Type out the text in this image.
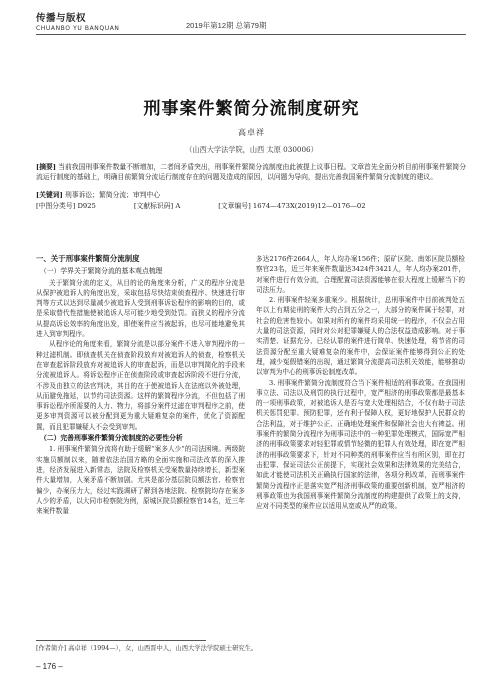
传播与版权
CHUANBO YU BANQUAN	2019年第12期 总第79期
刑事案件繁简分流制度研究
高卓祥
（山西大学法学院，山西 太原 030006）
[摘要] 当前我国刑事案件数量不断增加，二者间矛盾突出，刑事案件繁简分流制度由此被提上议事日程。文章首先全面分析目前刑事案件繁简分流运行制度的基础上，明确目前繁简分流运行制度存在的问题及造成的原因，以问题为导向，提出完善我国案件繁简分流制度的建议。
[关键词] 刑事诉讼；繁简分流；审判中心
[中图分类号] D925	[文献标识码] A	[文章编号] 1674—473X(2019)12—0176—02
一、关于刑事案件繁简分流制度
（一）学界关于繁简分流的基本观点梳理

关于繁简分流的定义，从目的论的角度来分析，广义的程序分流是从保护被追诉人的角度出发，采取包括尽快结束侦查程序、快速进行审判等方式以达到尽量减少被追诉人受到刑事诉讼程序的影响的目的，或是采取替代性措施使被追诉人尽可能少地受到处罚。而狭义的程序分流从提高诉讼效率的角度出发，即使案件应当被起诉，也尽可能地避免其进入到审判程序。

从程序论的角度来看，繁简分流是以部分案件不进入审判程序的一种过滤机制。即侦查机关在侦查阶段放弃对被追诉人的侦查，检察机关在审查起诉阶段放弃对被追诉人的审查起诉，而是以审判简化的手段来分流被追诉人。将诉讼程序正在侦查阶段或审查起诉阶段不进行分流，不涉及由独立的法官判决，其目的在于使被追诉人在法庭以外被处理，从而避免拖延，以节约司法资源。这样的繁简程序分流，不但包括了刑事诉讼程序所需要的人力、物力，将部分案件过滤在审判程序之前，使更多审判资源可以被分配到更为重大疑难复杂的案件，优化了资源配置，而且犯罪嫌疑人不会受到审判。

（二）完善刑事案件繁简分流制度的必要性分析

1. 刑事案件繁简分流将有助于缓解“案多人少”的司法困境。两级院实施员额制以来，随着依法治国方略的全面实施和司法改革的深入推进，经济发展进入新常态，法院及检察机关受案数量持续增长，新型案件大量增加，人案矛盾不断加剧。尤其是部分基层院员额法官、检察官偏少，办案压力大，经过实践调研了解到各地法院、检察院均存在案多人少的矛盾，以大同市检察院为例，原城区院员额检察官14名，近三年来案件数量

多达2176件2664人，年人均办案156件；原矿区院、南郊区院员额检察官23名，近三年来案件数量达3424件3421人，年人均办案201件，对案件进行有效分流，合理配置司法资源能够在很大程度上缓解当下的司法压力。

2. 刑事案件轻案多重案少。根据统计，总刑事案件中目前被判处五年以上有期徒刑的案件大约占到五分之一，大部分的案件属于轻罪，对社会的危害性较小。如果对所有的案件均采用统一的程序，不仅会占用大量的司法资源，同时对公对犯罪嫌疑人的合法权益造成影响。对于事实清楚、证据充分、已经认罪的案件进行简单、快速处理，将节省的司法资源分配至重大疑难复杂的案件中，会保证案件能够得到公正的处理，减少冤假错案的出现，通过繁简分流提高司法机关效能，能够推动以审判为中心的刑事诉讼制度改革。

3. 刑事案件繁简分流制度符合当下案件相适的刑事政策。在我国刑事立法、司法以及刑罚的执行过程中，宽严相济的刑事政策都是最基本的一项刑事政策，对被追诉人是否与宽大处理相结合，不仅有助于司法机关惩罚犯罪、预防犯罪，还有利于保障人权，更好地保护人民群众的合法利益，对于维护公正、正确地处理案件和保障社会也大有裨益。刑事案件的繁简分流程序为刑事司法中的一种犯罪处理模式，国际宽严相济的刑事政策要求对轻犯罪或情节轻微的犯罪人有效处理，即在宽严相济的刑事政策要求下，针对不同种类的刑事案件应当有所区别，即在打击犯罪、保证司法公正前提下，实现社会效果和法律效果的完美结合，如此才能使司法机关正确执行国家的法律，各项分利改革，而刑事案件繁简分流程序正是落实宽严相济刑事政策的重要创新机制，宽严相济的刑事政策也为我国刑事案件繁简分流制度的构建提供了政策上的支持，应对不同类型的案件应以适用从宽或从严的政策。

[作者简介] 高卓祥（1994—），女，山西晋中人，山西大学法学院硕士研究生。
– 176 –
